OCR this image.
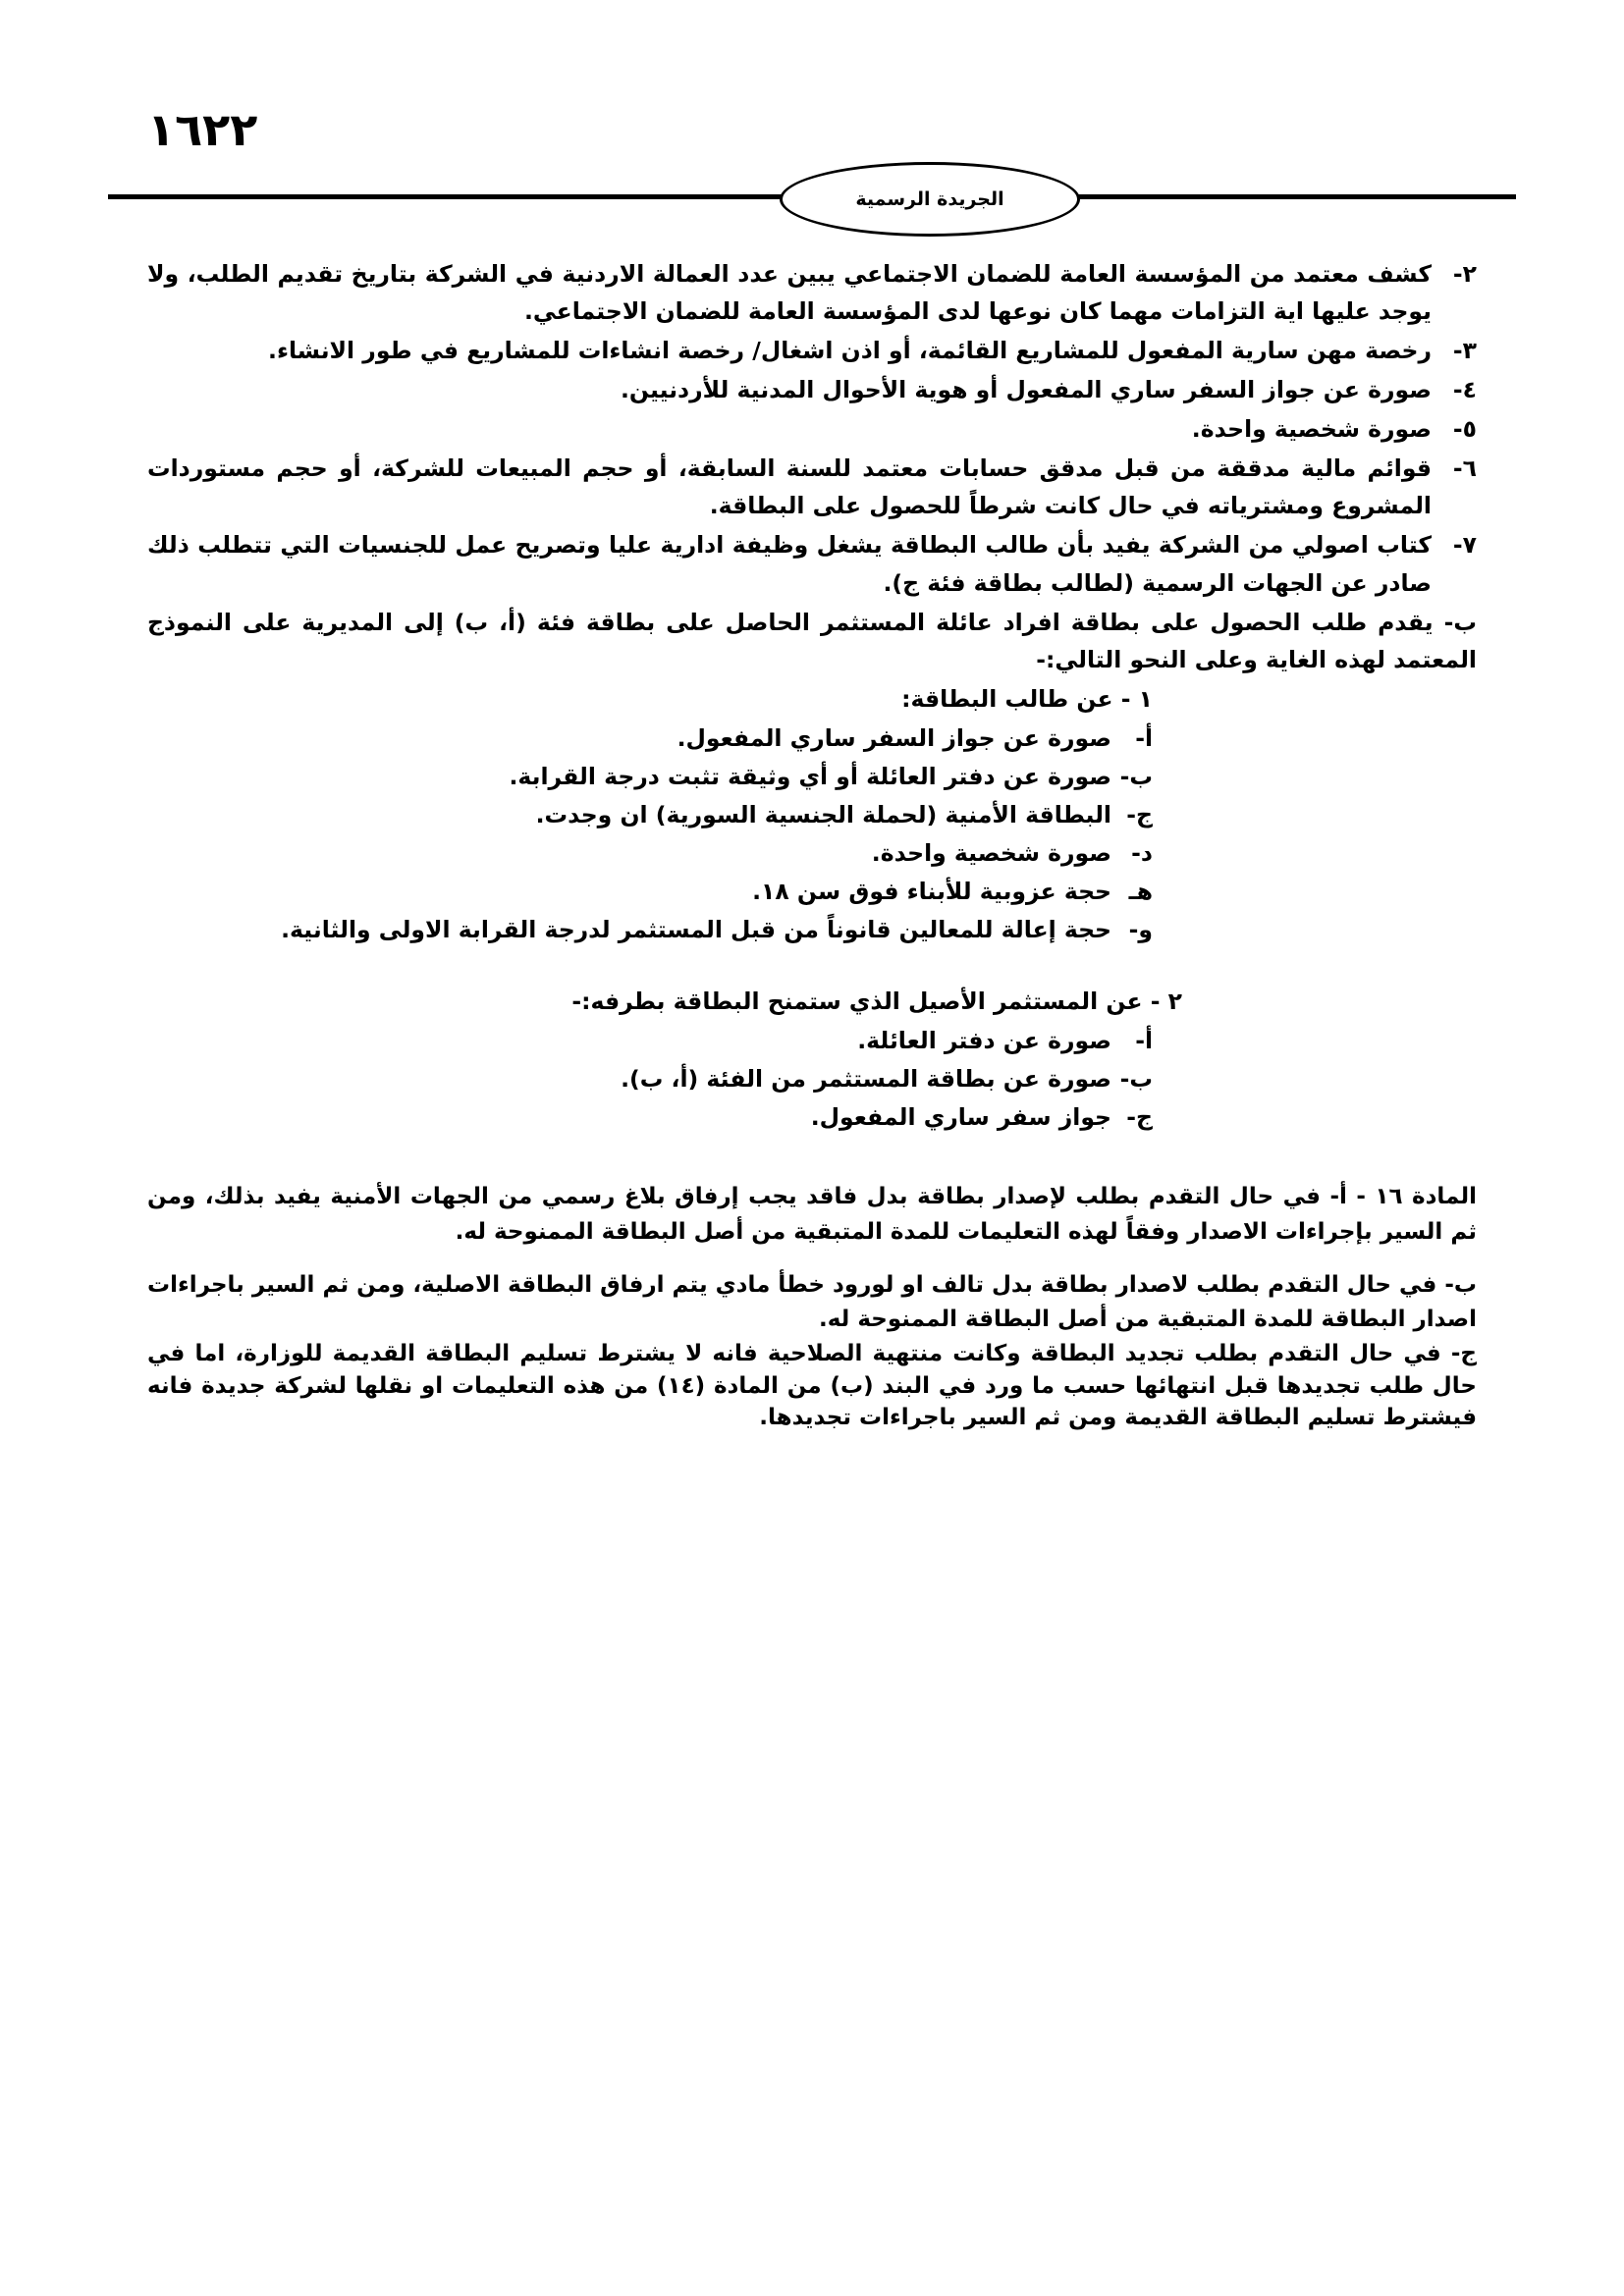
١٦٢٢
الجريدة الرسمية
٢-
كشف معتمد من المؤسسة العامة للضمان الاجتماعي يبين عدد العمالة الاردنية في الشركة بتاريخ تقديم الطلب، ولا يوجد عليها اية التزامات مهما كان نوعها لدى المؤسسة العامة للضمان الاجتماعي.
٣-
رخصة مهن سارية المفعول للمشاريع القائمة، أو اذن اشغال/ رخصة انشاءات للمشاريع في طور الانشاء.
٤-
صورة عن جواز السفر ساري المفعول أو هوية الأحوال المدنية للأردنيين.
٥-
صورة شخصية واحدة.
٦-
قوائم مالية مدققة من قبل مدقق حسابات معتمد للسنة السابقة، أو حجم المبيعات للشركة، أو حجم مستوردات المشروع ومشترياته في حال كانت شرطاً للحصول على البطاقة.
٧-
كتاب اصولي من الشركة يفيد بأن طالب البطاقة يشغل وظيفة ادارية عليا وتصريح عمل للجنسيات التي تتطلب ذلك صادر عن الجهات الرسمية (لطالب بطاقة فئة ج).
ب- يقدم طلب الحصول على بطاقة افراد عائلة المستثمر الحاصل على بطاقة فئة (أ، ب) إلى المديرية على النموذج المعتمد لهذه الغاية وعلى النحو التالي:-
١ - عن طالب البطاقة:
أ-
صورة عن جواز السفر ساري المفعول.
ب-
صورة عن دفتر العائلة أو أي وثيقة تثبت درجة القرابة.
ج-
البطاقة الأمنية (لحملة الجنسية السورية) ان وجدت.
د-
صورة شخصية واحدة.
هـ
حجة عزوبية للأبناء فوق سن ١٨.
و-
حجة إعالة للمعالين قانوناً من قبل المستثمر لدرجة القرابة الاولى والثانية.
٢ - عن المستثمر الأصيل الذي ستمنح البطاقة بطرفه:-
أ-
صورة عن دفتر العائلة.
ب-
صورة عن بطاقة المستثمر من الفئة (أ، ب).
ج-
جواز سفر ساري المفعول.
المادة ١٦ - أ- في حال التقدم بطلب لإصدار بطاقة بدل فاقد يجب إرفاق بلاغ رسمي من الجهات الأمنية يفيد بذلك، ومن ثم السير بإجراءات الاصدار وفقاً لهذه التعليمات للمدة المتبقية من أصل البطاقة الممنوحة له.
ب- في حال التقدم بطلب لاصدار بطاقة بدل تالف او لورود خطأ مادي يتم ارفاق البطاقة الاصلية، ومن ثم السير باجراءات اصدار البطاقة للمدة المتبقية من أصل البطاقة الممنوحة له.
ج- في حال التقدم بطلب تجديد البطاقة وكانت منتهية الصلاحية فانه لا يشترط تسليم البطاقة القديمة للوزارة، اما في حال طلب تجديدها قبل انتهائها حسب ما ورد في البند (ب) من المادة (١٤) من هذه التعليمات او نقلها لشركة جديدة فانه فيشترط تسليم البطاقة القديمة ومن ثم السير باجراءات تجديدها.
